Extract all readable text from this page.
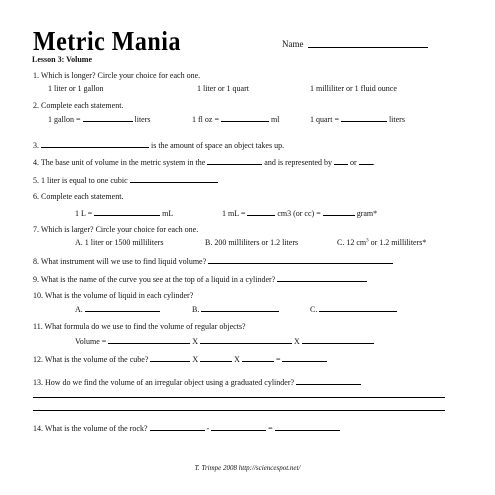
Metric Mania	Name
Lesson 3: Volume
1. Which is longer? Circle your choice for each one.
1 liter or 1 gallon	1 liter or 1 quart	1 milliliter or 1 fluid ounce
2. Complete each statement.
1 gallon =	liters	1 fl oz =	ml	1 quart =	liters
3.	is the amount of space an object takes up.
4. The base unit of volume in the metric system in the	and is represented by or .
5. 1 liter is equal to one cubic
6. Complete each statement.
1 L =	mL	1 mL =	cm3 (or cc) =	gram*
7. Which is larger? Circle your choice for each one.
A. 1 liter or 1500 milliliters	B. 200 milliliters or 1.2 liters	C. 12 $cm^3$ or 1.2 milliliters*
8. What instrument will we use to find liquid volume?
9. What is the name of the curve you see at the top of a liquid in a cylinder?
10. What is the volume of liquid in each cylinder?
A.	B.	C.
11. What formula do we use to find the volume of regular objects?
Volume =	X	X
12. What is the volume of the cube?	X	X	=
13. How do we find the volume of an irregular object using a graduated cylinder?
14. What is the volume of the rock?	-	=
T. Trimpe 2008 http://sciencespot.net/
